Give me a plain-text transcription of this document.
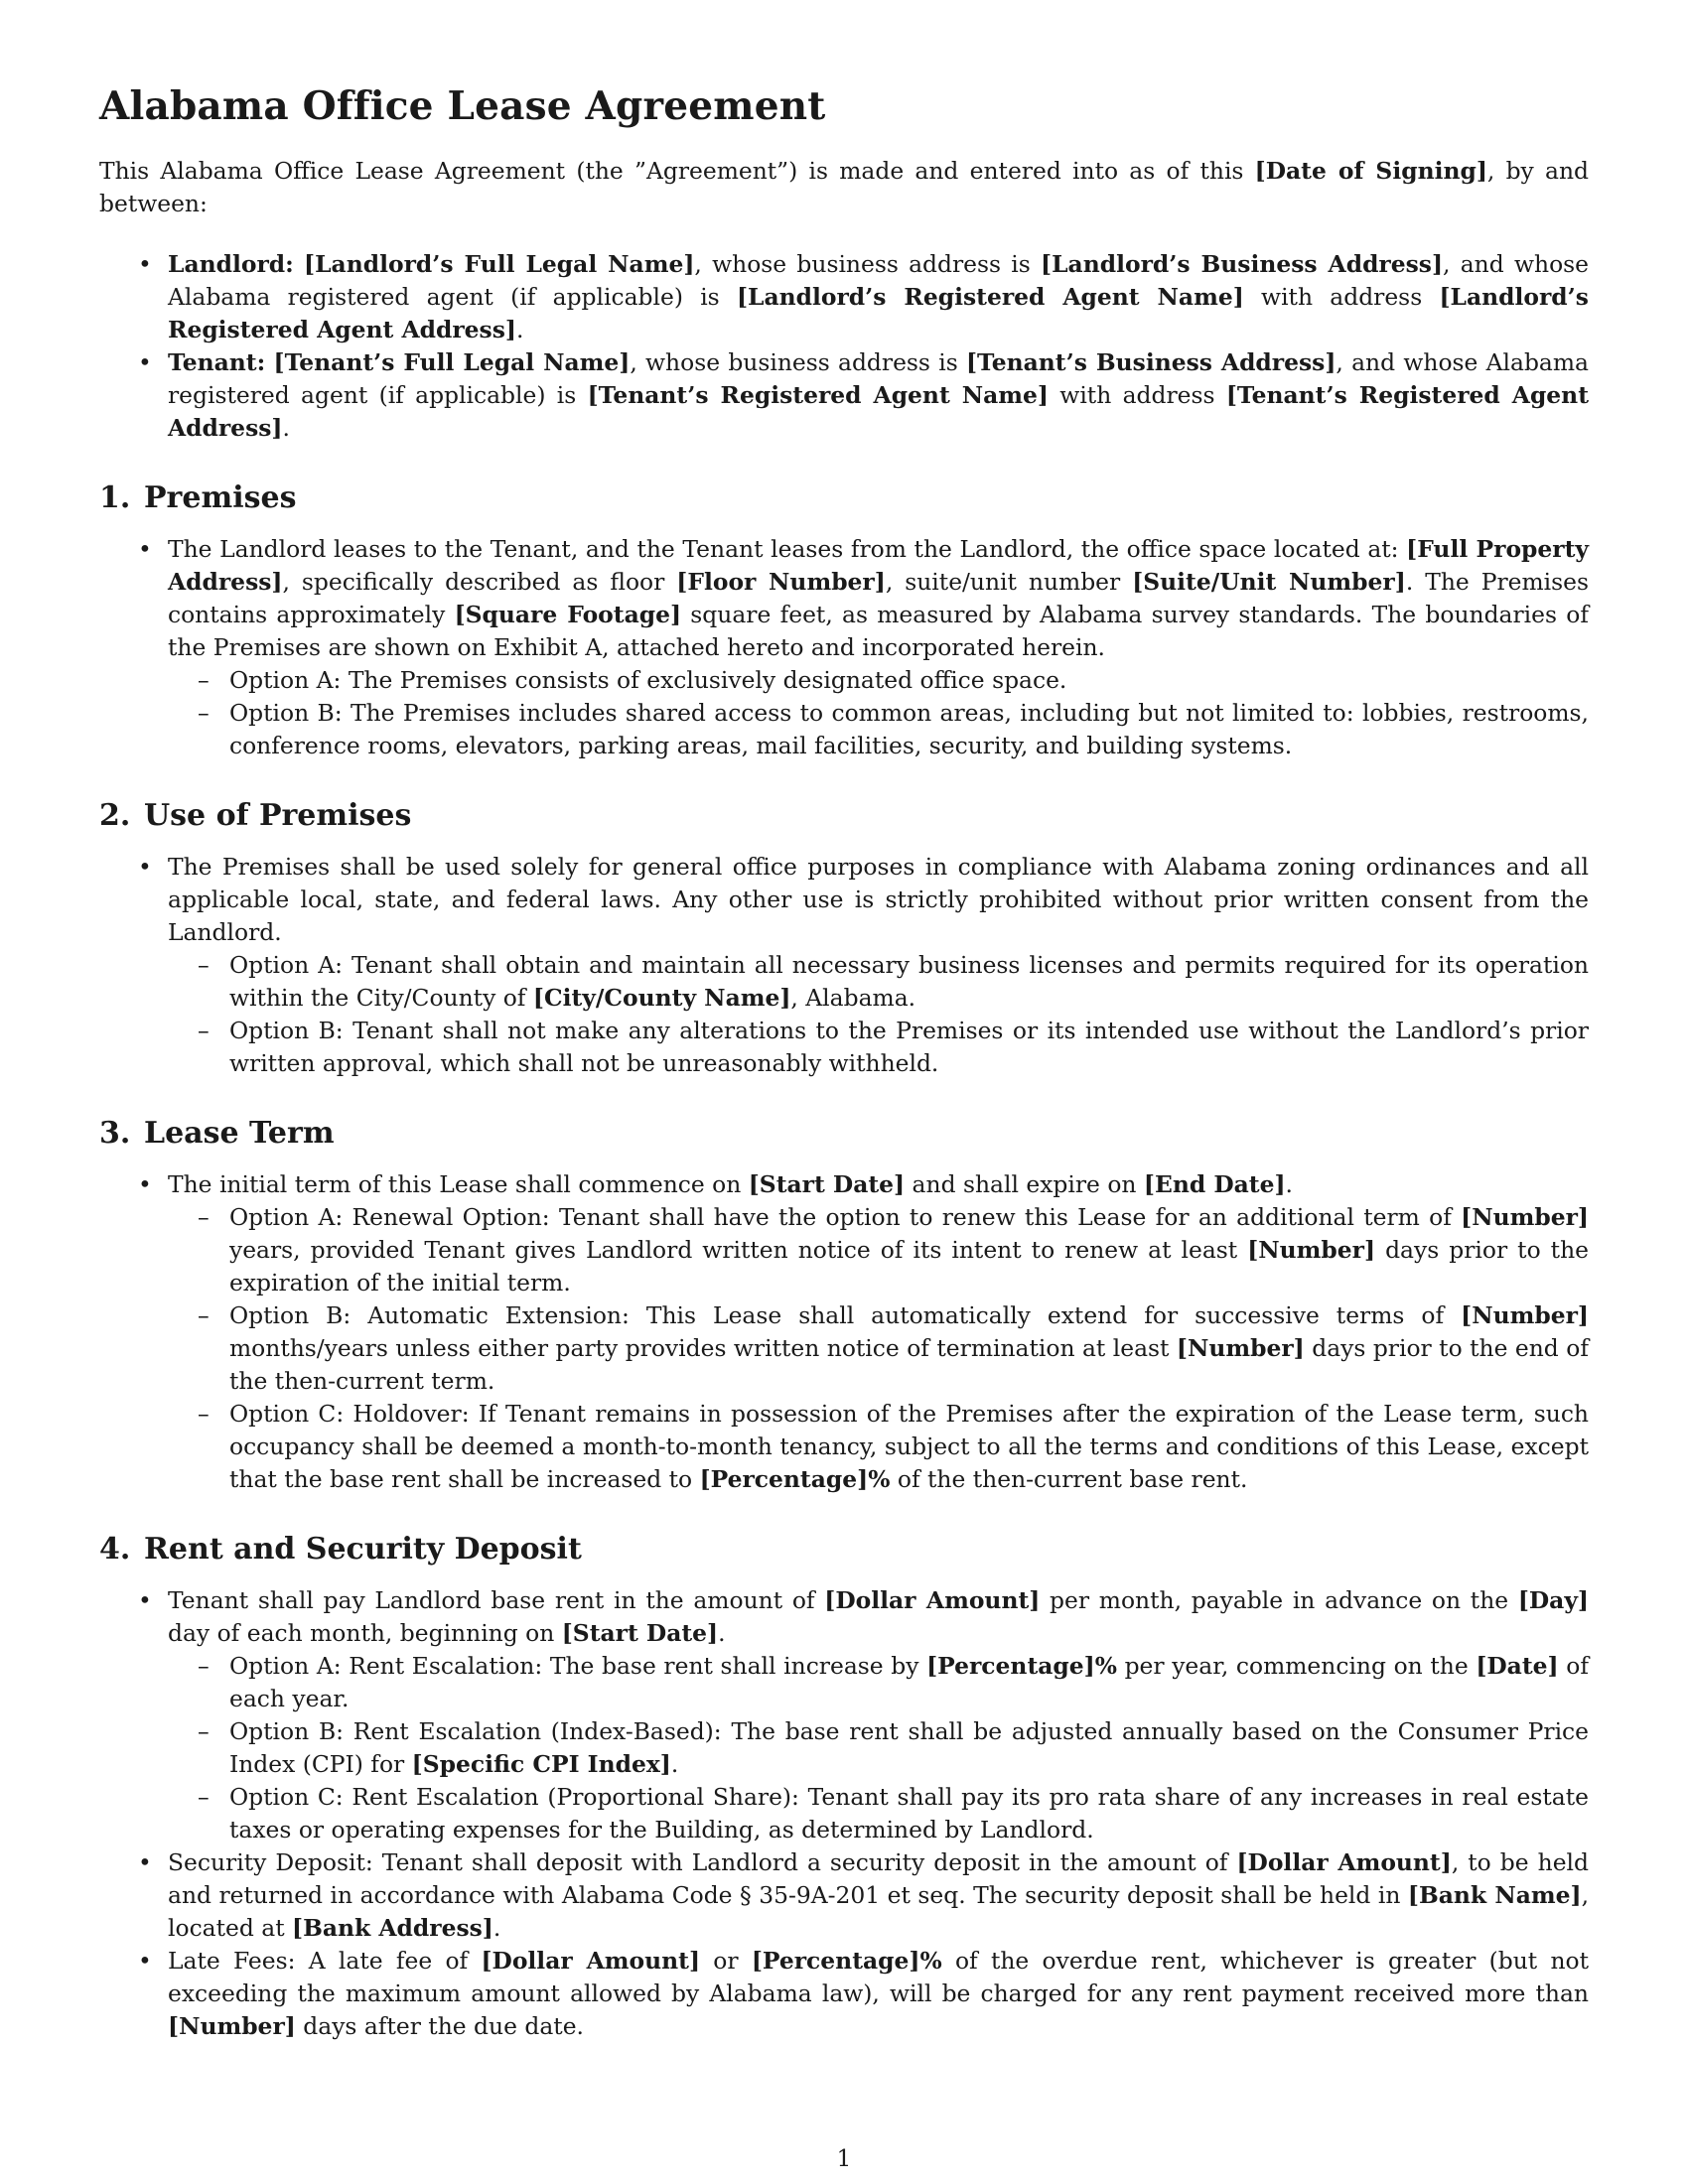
Alabama Office Lease Agreement

This Alabama Office Lease Agreement (the ”Agreement”) is made and entered into as of this [Date of Signing], by and between:

• Landlord: [Landlord’s Full Legal Name], whose business address is [Landlord’s Business Address], and whose Alabama registered agent (if applicable) is [Landlord’s Registered Agent Name] with address [Landlord’s Registered Agent Address].
• Tenant: [Tenant’s Full Legal Name], whose business address is [Tenant’s Business Address], and whose Alabama registered agent (if applicable) is [Tenant’s Registered Agent Name] with address [Tenant’s Registered Agent Address].
1. Premises
• The Landlord leases to the Tenant, and the Tenant leases from the Landlord, the office space located at: [Full Property Address], specifically described as floor [Floor Number], suite/unit number [Suite/Unit Number]. The Premises contains approximately [Square Footage] square feet, as measured by Alabama survey standards. The boundaries of the Premises are shown on Exhibit A, attached hereto and incorporated herein.
– Option A: The Premises consists of exclusively designated office space.
– Option B: The Premises includes shared access to common areas, including but not limited to: lobbies, restrooms, conference rooms, elevators, parking areas, mail facilities, security, and building systems.
2. Use of Premises
• The Premises shall be used solely for general office purposes in compliance with Alabama zoning ordinances and all applicable local, state, and federal laws. Any other use is strictly prohibited without prior written consent from the Landlord.
– Option A: Tenant shall obtain and maintain all necessary business licenses and permits required for its operation within the City/County of [City/County Name], Alabama.
– Option B: Tenant shall not make any alterations to the Premises or its intended use without the Landlord’s prior written approval, which shall not be unreasonably withheld.
3. Lease Term
• The initial term of this Lease shall commence on [Start Date] and shall expire on [End Date].
– Option A: Renewal Option: Tenant shall have the option to renew this Lease for an additional term of [Number] years, provided Tenant gives Landlord written notice of its intent to renew at least [Number] days prior to the expiration of the initial term.
– Option B: Automatic Extension: This Lease shall automatically extend for successive terms of [Number] months/years unless either party provides written notice of termination at least [Number] days prior to the end of the then-current term.
– Option C: Holdover: If Tenant remains in possession of the Premises after the expiration of the Lease term, such occupancy shall be deemed a month-to-month tenancy, subject to all the terms and conditions of this Lease, except that the base rent shall be increased to [Percentage]% of the then-current base rent.
4. Rent and Security Deposit
• Tenant shall pay Landlord base rent in the amount of [Dollar Amount] per month, payable in advance on the [Day] day of each month, beginning on [Start Date].
– Option A: Rent Escalation: The base rent shall increase by [Percentage]% per year, commencing on the [Date] of each year.
– Option B: Rent Escalation (Index-Based): The base rent shall be adjusted annually based on the Consumer Price Index (CPI) for [Specific CPI Index].
– Option C: Rent Escalation (Proportional Share): Tenant shall pay its pro rata share of any increases in real estate taxes or operating expenses for the Building, as determined by Landlord.
• Security Deposit: Tenant shall deposit with Landlord a security deposit in the amount of [Dollar Amount], to be held and returned in accordance with Alabama Code § 35-9A-201 et seq. The security deposit shall be held in [Bank Name], located at [Bank Address].
• Late Fees: A late fee of [Dollar Amount] or [Percentage]% of the overdue rent, whichever is greater (but not exceeding the maximum amount allowed by Alabama law), will be charged for any rent payment received more than [Number] days after the due date.
1
